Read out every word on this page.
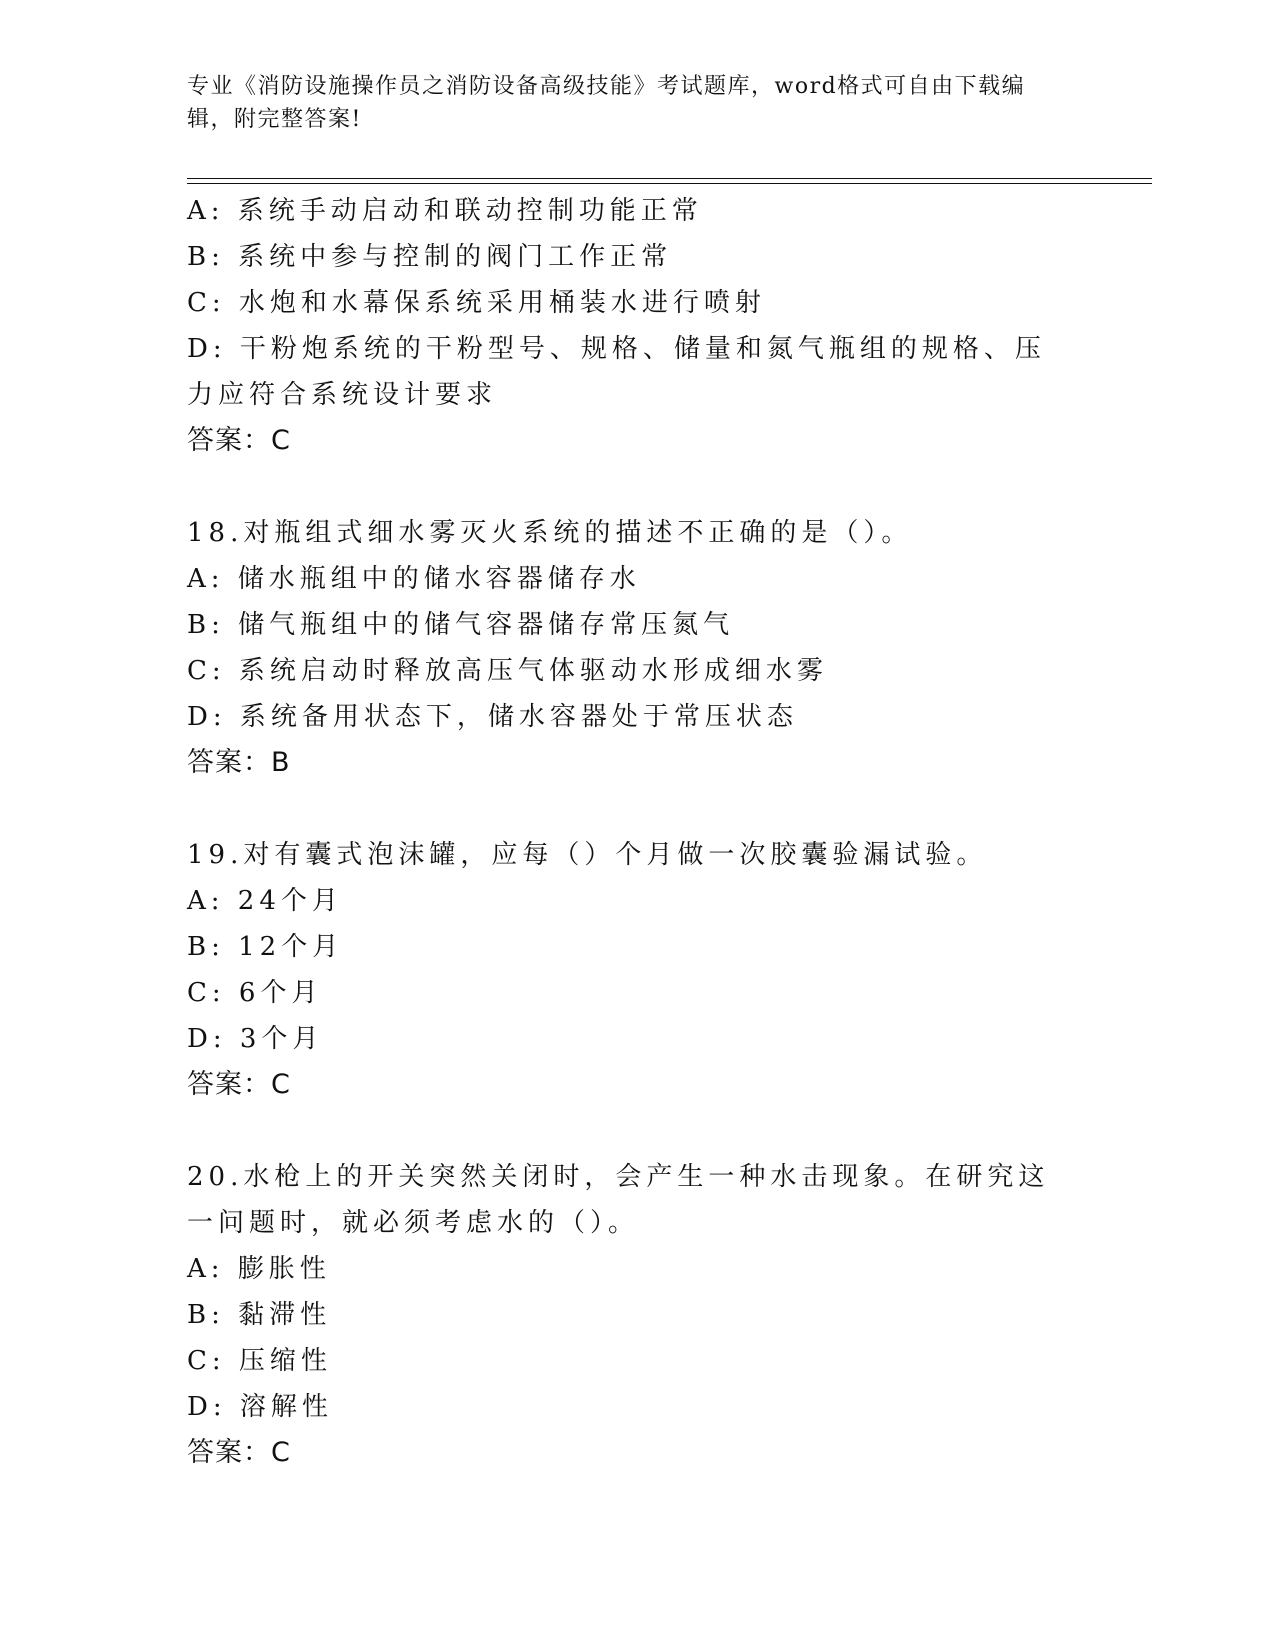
专业《消防设施操作员之消防设备高级技能》考试题库，word格式可自由下载编辑，附完整答案!
A: 系统手动启动和联动控制功能正常
B: 系统中参与控制的阀门工作正常
C: 水炮和水幕保系统采用桶装水进行喷射
D: 干粉炮系统的干粉型号、规格、储量和氮气瓶组的规格、压力应符合系统设计要求
答案：C
18.对瓶组式细水雾灭火系统的描述不正确的是（）。
A: 储水瓶组中的储水容器储存水
B: 储气瓶组中的储气容器储存常压氮气
C: 系统启动时释放高压气体驱动水形成细水雾
D: 系统备用状态下，储水容器处于常压状态
答案：B
19.对有囊式泡沫罐，应每（）个月做一次胶囊验漏试验。
A: 24个月
B: 12个月
C: 6个月
D: 3个月
答案：C
20.水枪上的开关突然关闭时，会产生一种水击现象。在研究这一问题时，就必须考虑水的（）。
A: 膨胀性
B: 黏滞性
C: 压缩性
D: 溶解性
答案：C
